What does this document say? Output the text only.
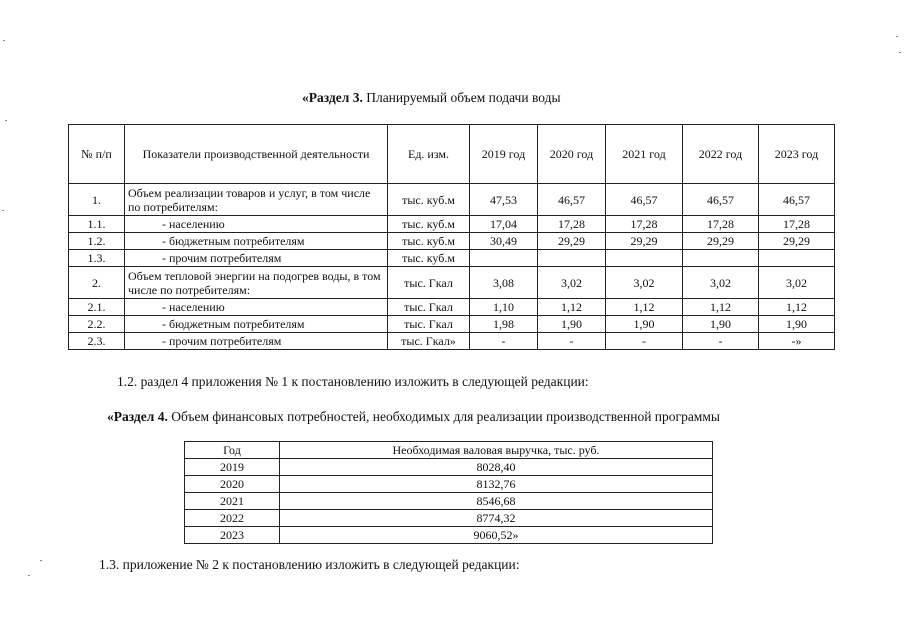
«Раздел 3. Планируемый объем подачи воды
№ п/п	Показатели производственной деятельности	Ед. изм.	2019 год	2020 год	2021 год	2022 год	2023 год
1.	Объем реализации товаров и услуг, в том числе по потребителям:	тыс. куб.м	47,53	46,57	46,57	46,57	46,57
1.1.	- населению	тыс. куб.м	17,04	17,28	17,28	17,28	17,28
1.2.	- бюджетным потребителям	тыс. куб.м	30,49	29,29	29,29	29,29	29,29
1.3.	- прочим потребителям	тыс. куб.м					
2.	Объем тепловой энергии на подогрев воды, в том числе по потребителям:	тыс. Гкал	3,08	3,02	3,02	3,02	3,02
2.1.	- населению	тыс. Гкал	1,10	1,12	1,12	1,12	1,12
2.2.	- бюджетным потребителям	тыс. Гкал	1,98	1,90	1,90	1,90	1,90
2.3.	- прочим потребителям	тыс. Гкал»	-	-	-	-	-»
1.2. раздел 4 приложения № 1 к постановлению изложить в следующей редакции:
«Раздел 4. Объем финансовых потребностей, необходимых для реализации производственной программы
Год	Необходимая валовая выручка, тыс. руб.
2019	8028,40
2020	8132,76
2021	8546,68
2022	8774,32
2023	9060,52»
1.3. приложение № 2 к постановлению изложить в следующей редакции:
